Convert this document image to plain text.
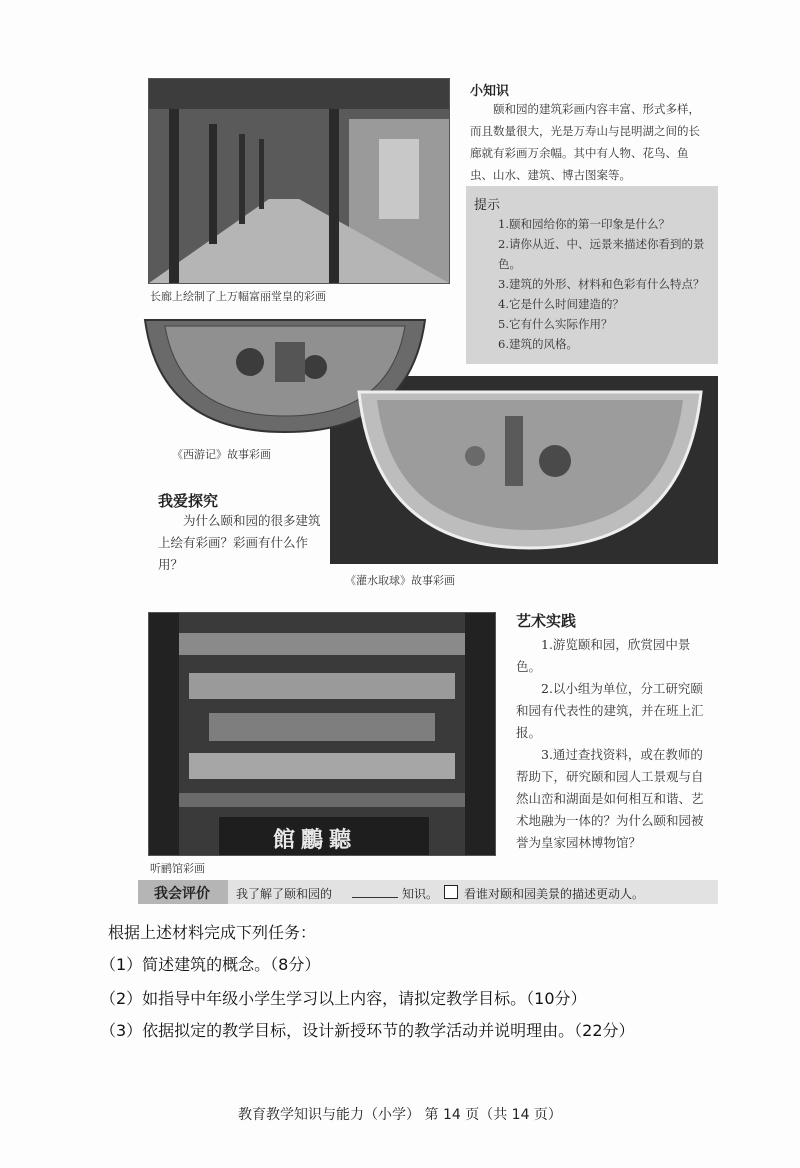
长廊上绘制了上万幅富丽堂皇的彩画
小知识
颐和园的建筑彩画内容丰富、形式多样，而且数量很大，光是万寿山与昆明湖之间的长廊就有彩画万余幅。其中有人物、花鸟、鱼虫、山水、建筑、博古图案等。
提示
1.颐和园给你的第一印象是什么？
2.请你从近、中、远景来描述你看到的景色。
3.建筑的外形、材料和色彩有什么特点？
4.它是什么时间建造的？
5.它有什么实际作用？
6.建筑的风格。
《西游记》故事彩画
《灌水取球》故事彩画
我爱探究
为什么颐和园的很多建筑上绘有彩画？彩画有什么作用？
館鸝聽
听鹂馆彩画
艺术实践
1.游览颐和园，欣赏园中景色。
2.以小组为单位，分工研究颐和园有代表性的建筑，并在班上汇报。
3.通过查找资料，或在教师的帮助下，研究颐和园人工景观与自然山峦和湖面是如何相互和谐、艺术地融为一体的？为什么颐和园被誉为皇家园林博物馆？
我会评价 我了解了颐和园的	知识。 看谁对颐和园美景的描述更动人。
根据上述材料完成下列任务：
（1）简述建筑的概念。（8分）
（2）如指导中年级小学生学习以上内容，请拟定教学目标。（10分）
（3）依据拟定的教学目标，设计新授环节的教学活动并说明理由。（22分）
教育教学知识与能力（小学） 第 14 页（共 14 页）
